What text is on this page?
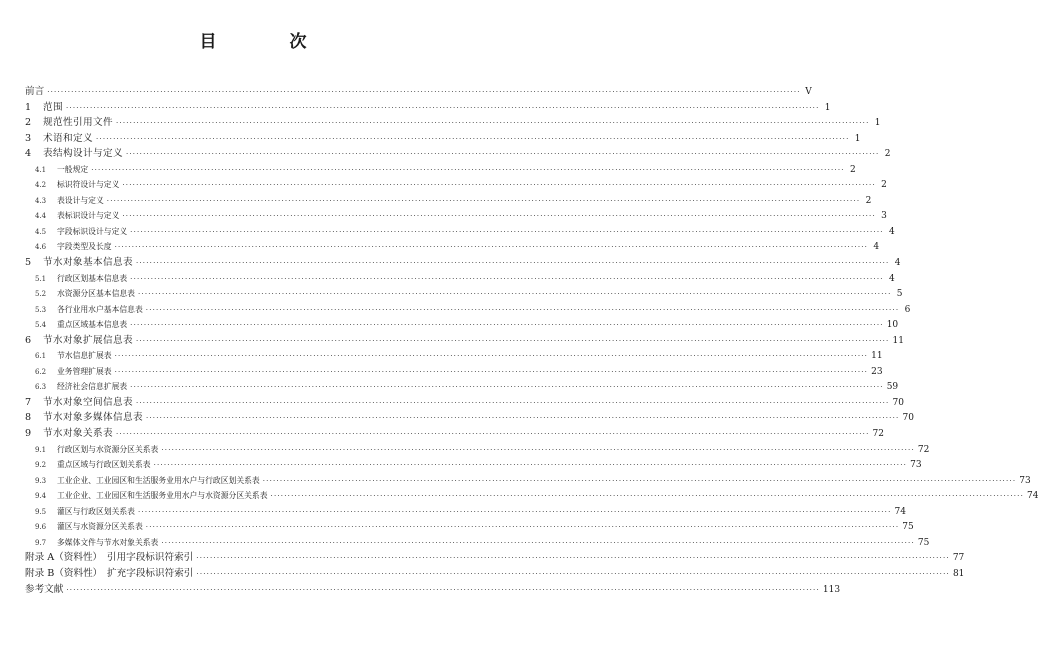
目　次
前言 ···························································································································································································································· V
1	范围 ···························································································································································································································· 1
2	规范性引用文件 ···························································································································································································································· 1
3	术语和定义 ···························································································································································································································· 1
4	表结构设计与定义 ···························································································································································································································· 2
4.1	一般规定 ···························································································································································································································· 2
4.2	标识符设计与定义 ···························································································································································································································· 2
4.3	表设计与定义 ···························································································································································································································· 2
4.4	表标识设计与定义 ···························································································································································································································· 3
4.5	字段标识设计与定义 ···························································································································································································································· 4
4.6	字段类型及长度 ···························································································································································································································· 4
5	节水对象基本信息表 ···························································································································································································································· 4
5.1	行政区划基本信息表 ···························································································································································································································· 4
5.2	水资源分区基本信息表 ···························································································································································································································· 5
5.3	各行业用水户基本信息表 ···························································································································································································································· 6
5.4	重点区域基本信息表 ···························································································································································································································· 10
6	节水对象扩展信息表 ···························································································································································································································· 11
6.1	节水信息扩展表 ···························································································································································································································· 11
6.2	业务管理扩展表 ···························································································································································································································· 23
6.3	经济社会信息扩展表 ···························································································································································································································· 59
7	节水对象空间信息表 ···························································································································································································································· 70
8	节水对象多媒体信息表 ···························································································································································································································· 70
9	节水对象关系表 ···························································································································································································································· 72
9.1	行政区划与水资源分区关系表 ···························································································································································································································· 72
9.2	重点区域与行政区划关系表 ···························································································································································································································· 73
9.3	工业企业、工业园区和生活服务业用水户与行政区划关系表 ···························································································································································································································· 73
9.4	工业企业、工业园区和生活服务业用水户与水资源分区关系表 ···························································································································································································································· 74
9.5	灌区与行政区划关系表 ···························································································································································································································· 74
9.6	灌区与水资源分区关系表 ···························································································································································································································· 75
9.7	多媒体文件与节水对象关系表 ···························································································································································································································· 75
附录 A（资料性）　引用字段标识符索引 ···························································································································································································································· 77
附录 B（资料性）　扩充字段标识符索引 ···························································································································································································································· 81
参考文献 ···························································································································································································································· 113
